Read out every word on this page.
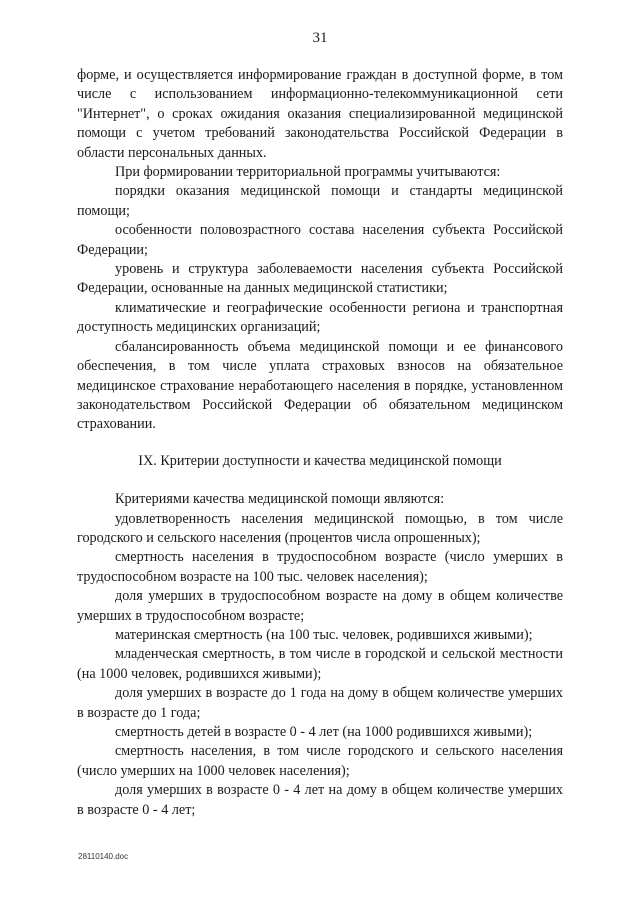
31

форме, и осуществляется информирование граждан в доступной форме, в том числе с использованием информационно-телекоммуникационной сети "Интернет", о сроках ожидания оказания специализированной медицинской помощи с учетом требований законодательства Российской Федерации в области персональных данных.

При формировании территориальной программы учитываются:

порядки оказания медицинской помощи и стандарты медицинской помощи;

особенности половозрастного состава населения субъекта Российской Федерации;

уровень и структура заболеваемости населения субъекта Российской Федерации, основанные на данных медицинской статистики;

климатические и географические особенности региона и транспортная доступность медицинских организаций;

сбалансированность объема медицинской помощи и ее финансового обеспечения, в том числе уплата страховых взносов на обязательное медицинское страхование неработающего населения в порядке, установленном законодательством Российской Федерации об обязательном медицинском страховании.

IX. Критерии доступности и качества медицинской помощи

Критериями качества медицинской помощи являются:

удовлетворенность населения медицинской помощью, в том числе городского и сельского населения (процентов числа опрошенных);

смертность населения в трудоспособном возрасте (число умерших в трудоспособном возрасте на 100 тыс. человек населения);

доля умерших в трудоспособном возрасте на дому в общем количестве умерших в трудоспособном возрасте;

материнская смертность (на 100 тыс. человек, родившихся живыми);

младенческая смертность, в том числе в городской и сельской местности (на 1000 человек, родившихся живыми);

доля умерших в возрасте до 1 года на дому в общем количестве умерших в возрасте до 1 года;

смертность детей в возрасте 0 - 4 лет (на 1000 родившихся живыми);

смертность населения, в том числе городского и сельского населения (число умерших на 1000 человек населения);

доля умерших в возрасте 0 - 4 лет на дому в общем количестве умерших в возрасте 0 - 4 лет;

28110140.doc
